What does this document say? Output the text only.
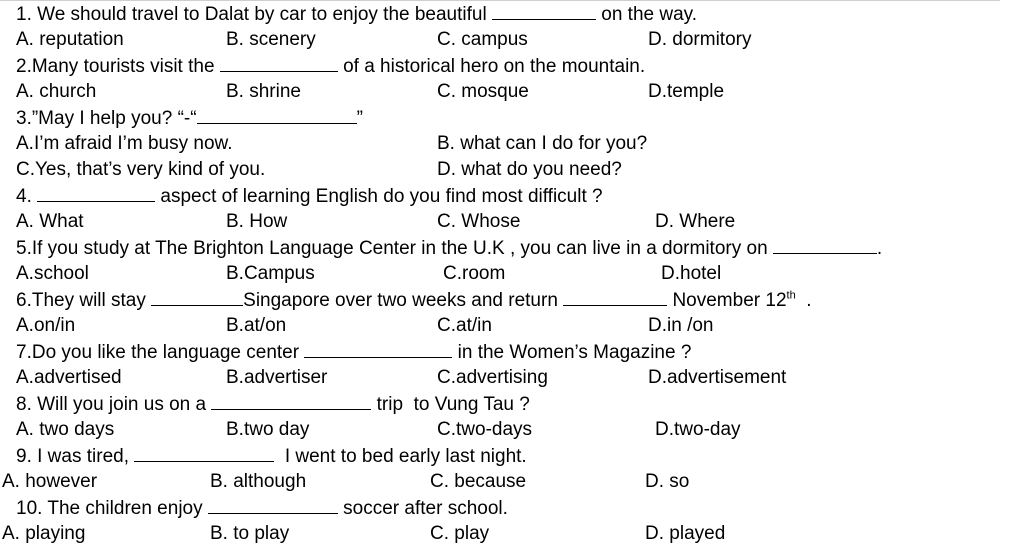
1. We should travel to Dalat by car to enjoy the beautiful	on the way.
A. reputation	B. scenery	C. campus	D. dormitory
2.Many tourists visit the	of a historical hero on the mountain.
A. church	B. shrine	C. mosque	D.temple
3.”May I help you? “-“	”
A.I’m afraid I’m busy now.	B. what can I do for you?
C.Yes, that’s very kind of you.	D. what do you need?
4.	aspect of learning English do you find most difficult ?
A. What	B. How	C. Whose	D. Where
5.If you study at The Brighton Language Center in the U.K , you can live in a dormitory on	.
A.school	B.Campus	C.room	D.hotel
6.They will stay	Singapore over two weeks and return	November 12th  .
A.on/in	B.at/on	C.at/in	D.in /on
7.Do you like the language center	in the Women’s Magazine ?
A.advertised	B.advertiser	C.advertising	D.advertisement
8. Will you join us on a	trip  to Vung Tau ?
A. two days	B.two day	C.two-days	D.two-day
9. I was tired,	I went to bed early last night.
A. however	B. although	C. because	D. so
10. The children enjoy	soccer after school.
A. playing	B. to play	C. play	D. played
